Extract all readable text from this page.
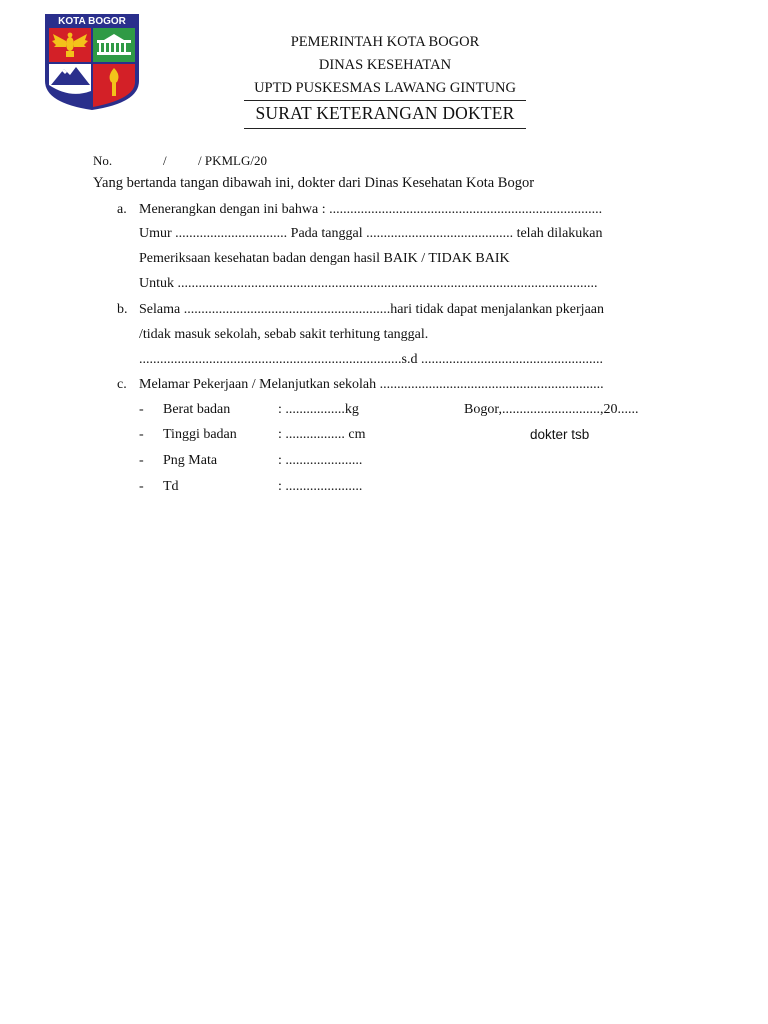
KOTA BOGOR
PEMERINTAH KOTA BOGOR
DINAS KESEHATAN
UPTD PUSKESMAS LAWANG GINTUNG
SURAT KETERANGAN DOKTER
No.	/ / PKMLG/20
Yang bertanda tangan dibawah ini, dokter dari Dinas Kesehatan Kota Bogor
a. Menerangkan dengan ini bahwa : ..............................................................................
Umur ................................ Pada tanggal .......................................... telah dilakukan
Pemeriksaan kesehatan badan dengan hasil BAIK / TIDAK BAIK
Untuk ........................................................................................................................
b. Selama ...........................................................hari tidak dapat menjalankan pkerjaan
/tidak masuk sekolah, sebab sakit terhitung tanggal.
...........................................................................s.d ....................................................
c. Melamar Pekerjaan / Melanjutkan sekolah ................................................................
- Berat badan	: .................kg
- Tinggi badan	: ................. cm
- Png Mata	: ......................
- Td	: ......................
Bogor,............................,20......
dokter tsb
